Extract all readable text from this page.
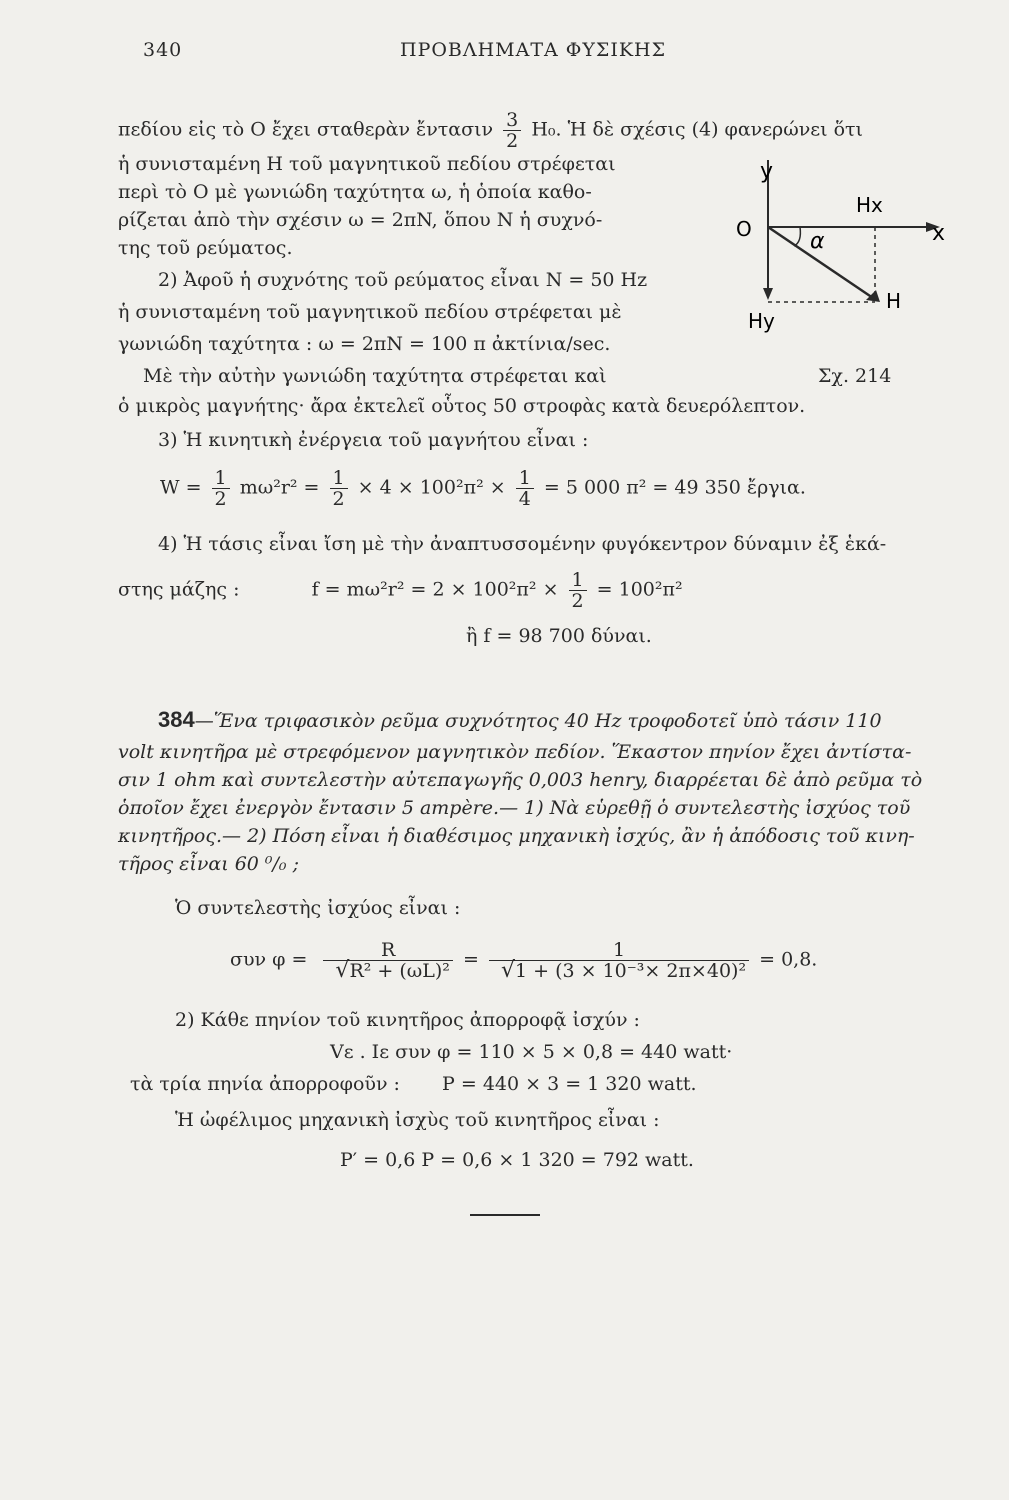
340	ΠΡΟΒΛΗΜΑΤΑ ΦΥΣΙΚΗΣ
πεδίου εἰς τὸ O ἔχει σταθερὰν ἔντασιν $\frac{3}{2} H_0$. Ἡ δὲ σχέσις (4) φανερώνει ὅτι
ἡ συνισταμένη H τοῦ μαγνητικοῦ πεδίου στρέφεται
περὶ τὸ O μὲ γωνιώδη ταχύτητα ω, ἡ ὁποία καθο-
ρίζεται ἀπὸ τὴν σχέσιν ω = 2πN, ὅπου N ἡ συχνό-
της τοῦ ρεύματος.
2) Ἀφοῦ ἡ συχνότης τοῦ ρεύματος εἶναι N = 50 Hz
ἡ συνισταμένη τοῦ μαγνητικοῦ πεδίου στρέφεται μὲ
γωνιώδη ταχύτητα : ω = 2πN = 100 π ἀκτίνια/sec.
Μὲ τὴν αὐτὴν γωνιώδη ταχύτητα στρέφεται καὶ
ὁ μικρὸς μαγνήτης· ἄρα ἐκτελεῖ οὗτος 50 στροφὰς κατὰ δευερόλεπτον.
3) Ἡ κινητικὴ ἐνέργεια τοῦ μαγνήτου εἶναι :
y
Hx
O	x
α
Hy
H
Σχ. 214
$W = \frac{1}{2} m\omega^2r^2 = \frac{1}{2} \times 4 \times 100^2\pi^2 \times \frac{1}{4} = 5$ 000 π² = 49 350 ἔργια.
4) Ἡ τάσις εἶναι ἴση μὲ τὴν ἀναπτυσσομένην φυγόκεντρον δύναμιν ἐξ ἑκά-
στης μάζης :	$f = m\omega^2r^2 = 2 \times 100^2\pi^2 \times \frac{1}{2} = 100^2\pi^2$
ἢ f = 98 700 δύναι.
384—Ἕνα τριφασικὸν ρεῦμα συχνότητος 40 Hz τροφοδοτεῖ ὑπὸ τάσιν 110
volt κινητῆρα μὲ στρεφόμενον μαγνητικὸν πεδίον. Ἕκαστον πηνίον ἔχει ἀντίστα-
σιν 1 ohm καὶ συντελεστὴν αὐτεπαγωγῆς 0,003 henry, διαρρέεται δὲ ἀπὸ ρεῦμα τὸ
ὁποῖον ἔχει ἐνεργὸν ἔντασιν 5 ampère.— 1) Νὰ εὑρεθῇ ὁ συντελεστὴς ἰσχύος τοῦ
κινητῆρος.— 2) Πόση εἶναι ἡ διαθέσιμος μηχανικὴ ἰσχύς, ἂν ἡ ἀπόδοσις τοῦ κινη-
τῆρος εἶναι 60 ⁰/₀ ;
Ὁ συντελεστὴς ἰσχύος εἶναι :
συν $\varphi = \frac{R}{\text{√R² + (ωL)²}} = \frac{1}{\text{√1 + (3 × 10⁻³× 2π×40)²}} = 0,8$.
2) Κάθε πηνίον τοῦ κινητῆρος ἀπορροφᾷ ἰσχύν :
Vε . Iε συν φ = 110 × 5 × 0,8 = 440 watt·
τὰ τρία πηνία ἀπορροφοῦν : P = 440 × 3 = 1 320 watt.
Ἡ ὠφέλιμος μηχανικὴ ἰσχὺς τοῦ κινητῆρος εἶναι :
P′ = 0,6 P = 0,6 × 1 320 = 792 watt.
